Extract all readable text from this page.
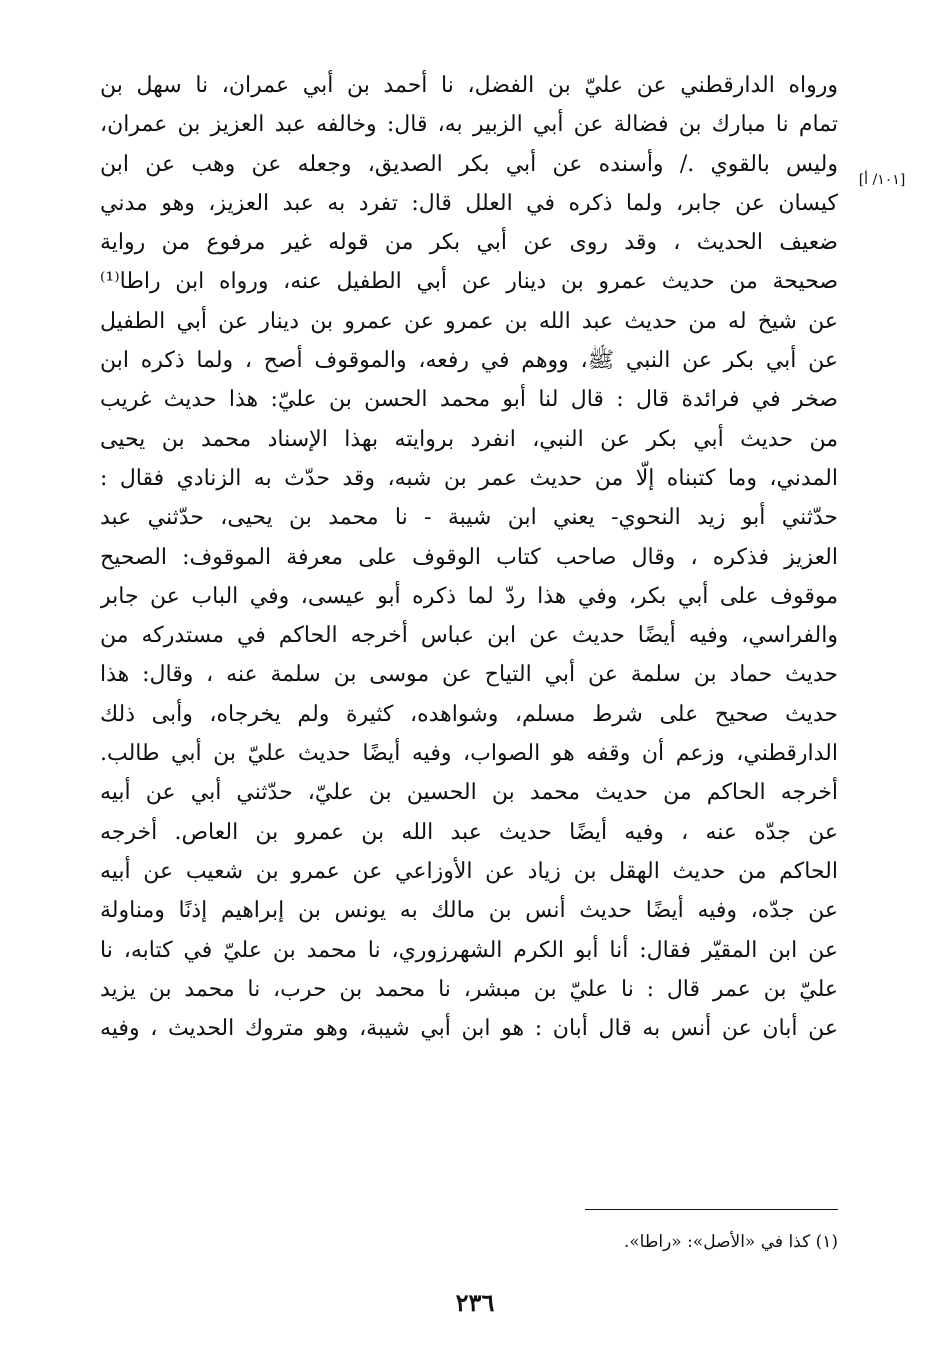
[١٠١/ أ]
ورواه الدارقطني عن عليّ بن الفضل، نا أحمد بن أبي عمران، نا سهل بن
تمام نا مبارك بن فضالة عن أبي الزبير به، قال: وخالفه عبد العزيز بن عمران،
وليس بالقوي ./ وأسنده عن أبي بكر الصديق، وجعله عن وهب عن ابن
كيسان عن جابر، ولما ذكره في العلل قال: تفرد به عبد العزيز، وهو مدني
ضعيف الحديث ، وقد روى عن أبي بكر من قوله غير مرفوع من رواية
صحيحة من حديث عمرو بن دينار عن أبي الطفيل عنه، ورواه ابن راطا⁽¹⁾
عن شيخ له من حديث عبد الله بن عمرو عن عمرو بن دينار عن أبي الطفيل
عن أبي بكر عن النبي ﷺ، ووهم في رفعه، والموقوف أصح ، ولما ذكره ابن
صخر في فرائدة قال : قال لنا أبو محمد الحسن بن عليّ: هذا حديث غريب
من حديث أبي بكر عن النبي، انفرد بروايته بهذا الإسناد محمد بن يحيى
المدني، وما كتبناه إلّا من حديث عمر بن شبه، وقد حدّث به الزنادي فقال :
حدّثني أبو زيد النحوي- يعني ابن شيبة - نا محمد بن يحيى، حدّثني عبد
العزيز فذكره ، وقال صاحب كتاب الوقوف على معرفة الموقوف: الصحيح
موقوف على أبي بكر، وفي هذا ردّ لما ذكره أبو عيسى، وفي الباب عن جابر
والفراسي، وفيه أيضًا حديث عن ابن عباس أخرجه الحاكم في مستدركه من
حديث حماد بن سلمة عن أبي التياح عن موسى بن سلمة عنه ، وقال: هذا
حديث صحيح على شرط مسلم، وشواهده، كثيرة ولم يخرجاه، وأبى ذلك
الدارقطني، وزعم أن وقفه هو الصواب، وفيه أيضًا حديث عليّ بن أبي طالب.
أخرجه الحاكم من حديث محمد بن الحسين بن عليّ، حدّثني أبي عن أبيه
عن جدّه عنه ، وفيه أيضًا حديث عبد الله بن عمرو بن العاص. أخرجه
الحاكم من حديث الهقل بن زياد عن الأوزاعي عن عمرو بن شعيب عن أبيه
عن جدّه، وفيه أيضًا حديث أنس بن مالك به يونس بن إبراهيم إذنًا ومناولة
عن ابن المقيّر فقال: أنا أبو الكرم الشهرزوري، نا محمد بن عليّ في كتابه، نا
عليّ بن عمر قال : نا عليّ بن مبشر، نا محمد بن حرب، نا محمد بن يزيد
عن أبان عن أنس به قال أبان : هو ابن أبي شيبة، وهو متروك الحديث ، وفيه
(١) كذا في «الأصل»: «راطا».
٢٣٦
